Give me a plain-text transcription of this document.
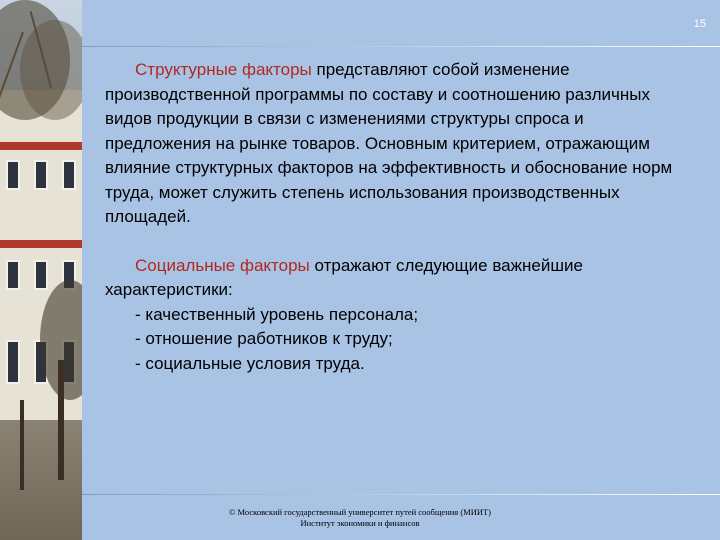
15

Структурные факторы представляют собой изменение производственной программы по составу и соотношению различных видов продукции в связи с изменениями структуры спроса и предложения на рынке товаров. Основным критерием, отражающим влияние структурных факторов на эффективность и обоснование норм труда, может служить степень использования производственных площадей.

Социальные факторы отражают следующие важнейшие характеристики:
- качественный уровень персонала;
- отношение работников к труду;
- социальные условия труда.

© Московский государственный университет путей сообщения (МИИТ)
Институт экономики и финансов
